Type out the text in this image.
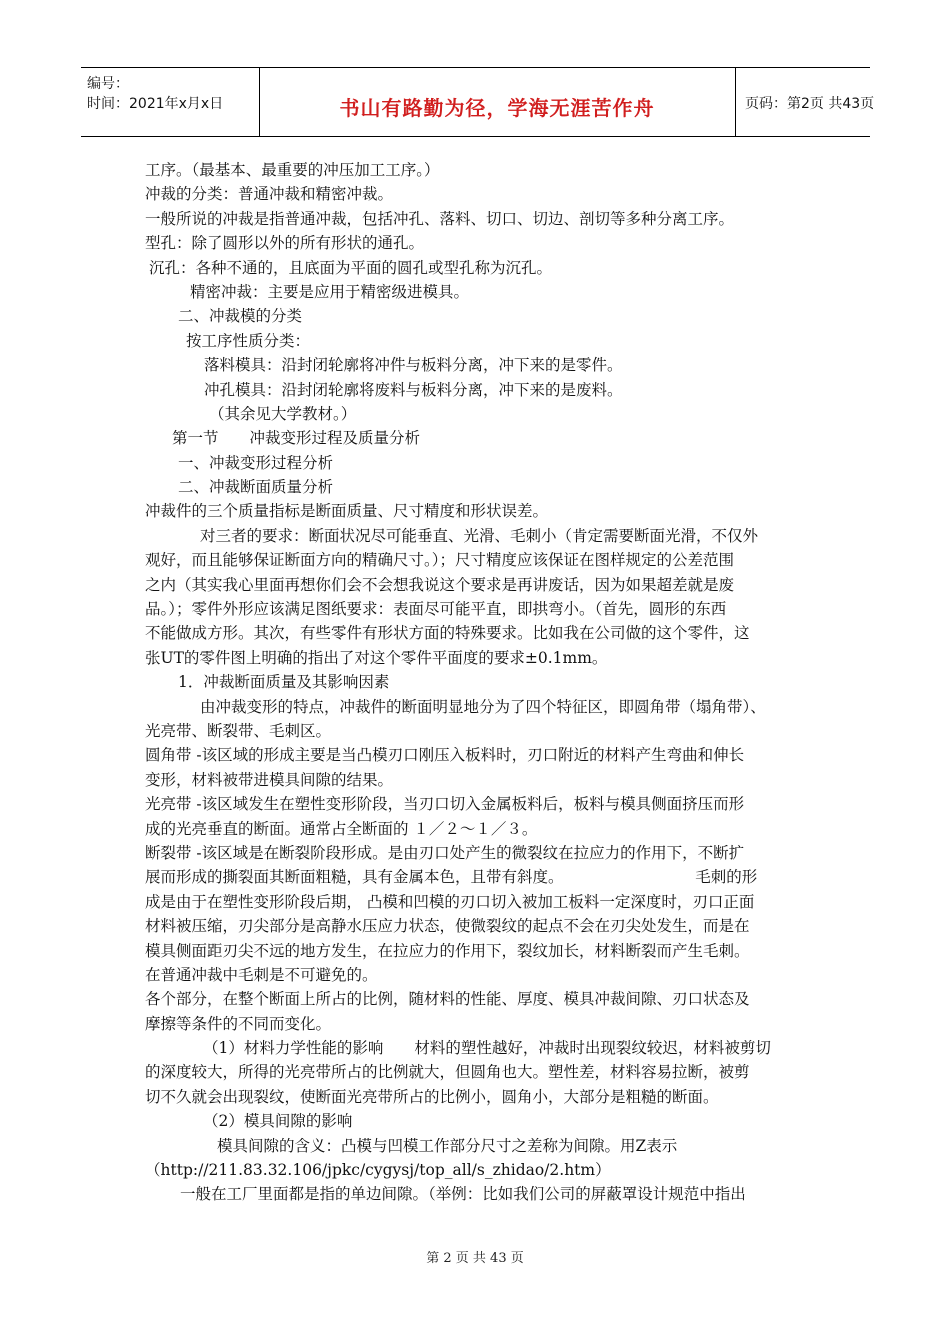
编号：
时间：2021年x月x日	书山有路勤为径，学海无涯苦作舟	页码：第2页 共43页
工序。（最基本、最重要的冲压加工工序。）
冲裁的分类：普通冲裁和精密冲裁。
一般所说的冲裁是指普通冲裁，包括冲孔、落料、切口、切边、剖切等多种分离工序。
型孔：除了圆形以外的所有形状的通孔。
沉孔：各种不通的，且底面为平面的圆孔或型孔称为沉孔。
精密冲裁：主要是应用于精密级进模具。
二、冲裁模的分类
按工序性质分类：
落料模具：沿封闭轮廓将冲件与板料分离，冲下来的是零件。
冲孔模具：沿封闭轮廓将废料与板料分离，冲下来的是废料。
（其余见大学教材。）
第一节　　冲裁变形过程及质量分析
一、冲裁变形过程分析
二、冲裁断面质量分析
冲裁件的三个质量指标是断面质量、尺寸精度和形状误差。
对三者的要求：断面状况尽可能垂直、光滑、毛刺小（肯定需要断面光滑，不仅外
观好，而且能够保证断面方向的精确尺寸。）；尺寸精度应该保证在图样规定的公差范围
之内（其实我心里面再想你们会不会想我说这个要求是再讲废话，因为如果超差就是废
品。）；零件外形应该满足图纸要求：表面尽可能平直，即拱弯小。（首先，圆形的东西
不能做成方形。其次，有些零件有形状方面的特殊要求。比如我在公司做的这个零件，这
张UT的零件图上明确的指出了对这个零件平面度的要求±0.1mm。
1．冲裁断面质量及其影响因素
由冲裁变形的特点，冲裁件的断面明显地分为了四个特征区，即圆角带（塌角带）、
光亮带、断裂带、毛刺区。
圆角带 -该区域的形成主要是当凸模刃口刚压入板料时，刃口附近的材料产生弯曲和伸长
变形，材料被带进模具间隙的结果。
光亮带 -该区域发生在塑性变形阶段，当刃口切入金属板料后，板料与模具侧面挤压而形
成的光亮垂直的断面。通常占全断面的 １／２～１／３。
断裂带 -该区域是在断裂阶段形成。是由刃口处产生的微裂纹在拉应力的作用下，不断扩
展而形成的撕裂面其断面粗糙，具有金属本色，且带有斜度。　　　　　　　　　毛刺的形
成是由于在塑性变形阶段后期， 凸模和凹模的刃口切入被加工板料一定深度时，刃口正面
材料被压缩，刃尖部分是高静水压应力状态，使微裂纹的起点不会在刃尖处发生，而是在
模具侧面距刃尖不远的地方发生，在拉应力的作用下，裂纹加长，材料断裂而产生毛刺。
在普通冲裁中毛刺是不可避免的。
各个部分，在整个断面上所占的比例，随材料的性能、厚度、模具冲裁间隙、刃口状态及
摩擦等条件的不同而变化。
（1）材料力学性能的影响　　材料的塑性越好，冲裁时出现裂纹较迟，材料被剪切
的深度较大，所得的光亮带所占的比例就大，但圆角也大。塑性差，材料容易拉断，被剪
切不久就会出现裂纹，使断面光亮带所占的比例小，圆角小，大部分是粗糙的断面。
（2）模具间隙的影响
模具间隙的含义：凸模与凹模工作部分尺寸之差称为间隙。用Z表示
（http://211.83.32.106/jpkc/cygysj/top_all/s_zhidao/2.htm）
一般在工厂里面都是指的单边间隙。（举例：比如我们公司的屏蔽罩设计规范中指出
第 2 页 共 43 页
